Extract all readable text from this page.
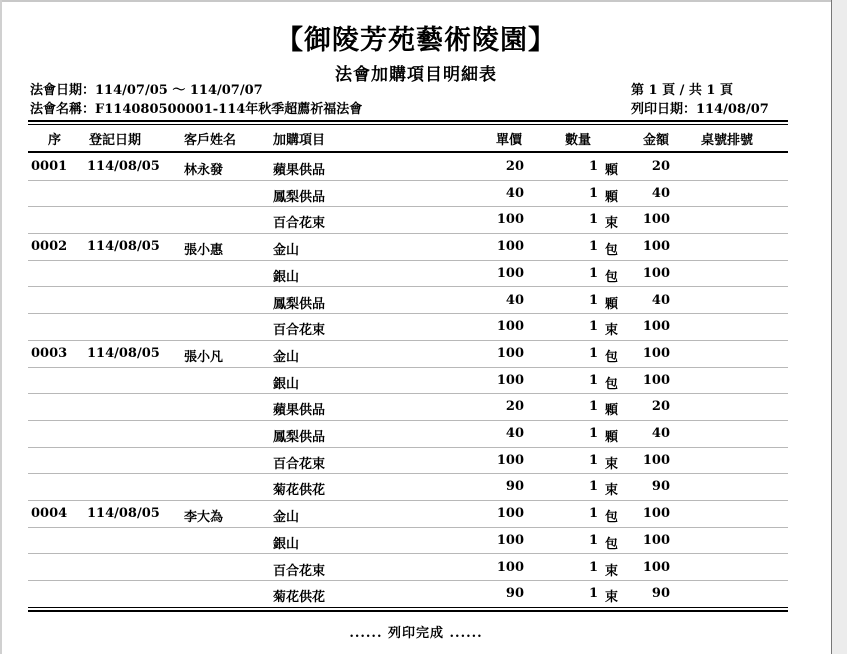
【御陵芳苑藝術陵園】
法會加購項目明細表
法會日期：114/07/05 ～ 114/07/07
法會名稱：F114080500001-114年秋季超薦祈福法會
第 1 頁 / 共 1 頁
列印日期：114/08/07
序 登記日期	客戶姓名	加購項目	單價	數量	金額 桌號排號
0001 114/08/05 林永發	蘋果供品	20	1 顆	20
鳳梨供品	40	1 顆	40
百合花束	100	1 束 100
0002 114/08/05 張小惠	金山	100	1 包 100
銀山	100	1 包 100
鳳梨供品	40	1 顆	40
百合花束	100	1 束 100
0003 114/08/05 張小凡	金山	100	1 包 100
銀山	100	1 包 100
蘋果供品	20	1 顆	20
鳳梨供品	40	1 顆	40
百合花束	100	1 束 100
菊花供花	90	1 束	90
0004 114/08/05 李大為	金山	100	1 包 100
銀山	100	1 包 100
百合花束	100	1 束 100
菊花供花	90	1 束	90
...... 列印完成 ......
